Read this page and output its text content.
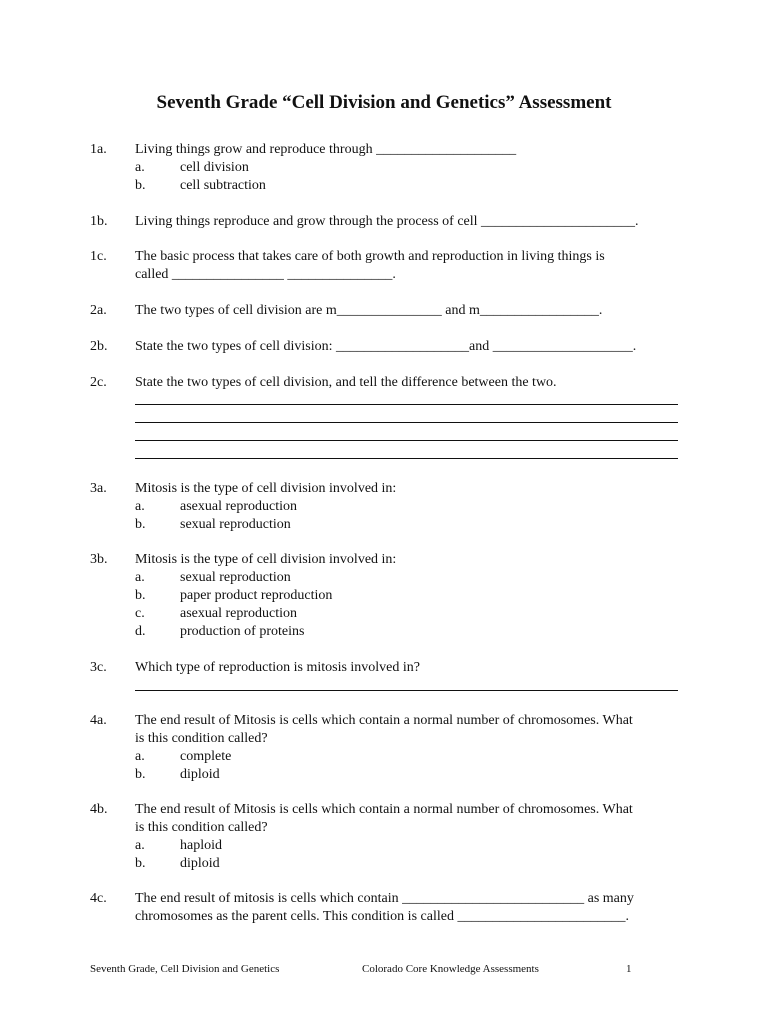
Seventh Grade “Cell Division and Genetics” Assessment
1a. Living things grow and reproduce through ____________________
a.	cell division
b. cell subtraction
1b. Living things reproduce and grow through the process of cell ______________________.
1c. The basic process that takes care of both growth and reproduction in living things is
called ________________ _______________.
2a. The two types of cell division are m_______________ and m_________________.
2b. State the two types of cell division: ___________________and ____________________.
2c. State the two types of cell division, and tell the difference between the two.
3a. Mitosis is the type of cell division involved in:
a.	asexual reproduction
b. sexual reproduction
3b. Mitosis is the type of cell division involved in:
a.	sexual reproduction
b. paper product reproduction
c.	asexual reproduction
d. production of proteins
3c. Which type of reproduction is mitosis involved in?
4a. The end result of Mitosis is cells which contain a normal number of chromosomes. What
is this condition called?
a.	complete
b. diploid
4b. The end result of Mitosis is cells which contain a normal number of chromosomes. What
is this condition called?
a.	haploid
b. diploid
4c. The end result of mitosis is cells which contain __________________________ as many
chromosomes as the parent cells. This condition is called ________________________.
Seventh Grade, Cell Division and Genetics	Colorado Core Knowledge Assessments	1
